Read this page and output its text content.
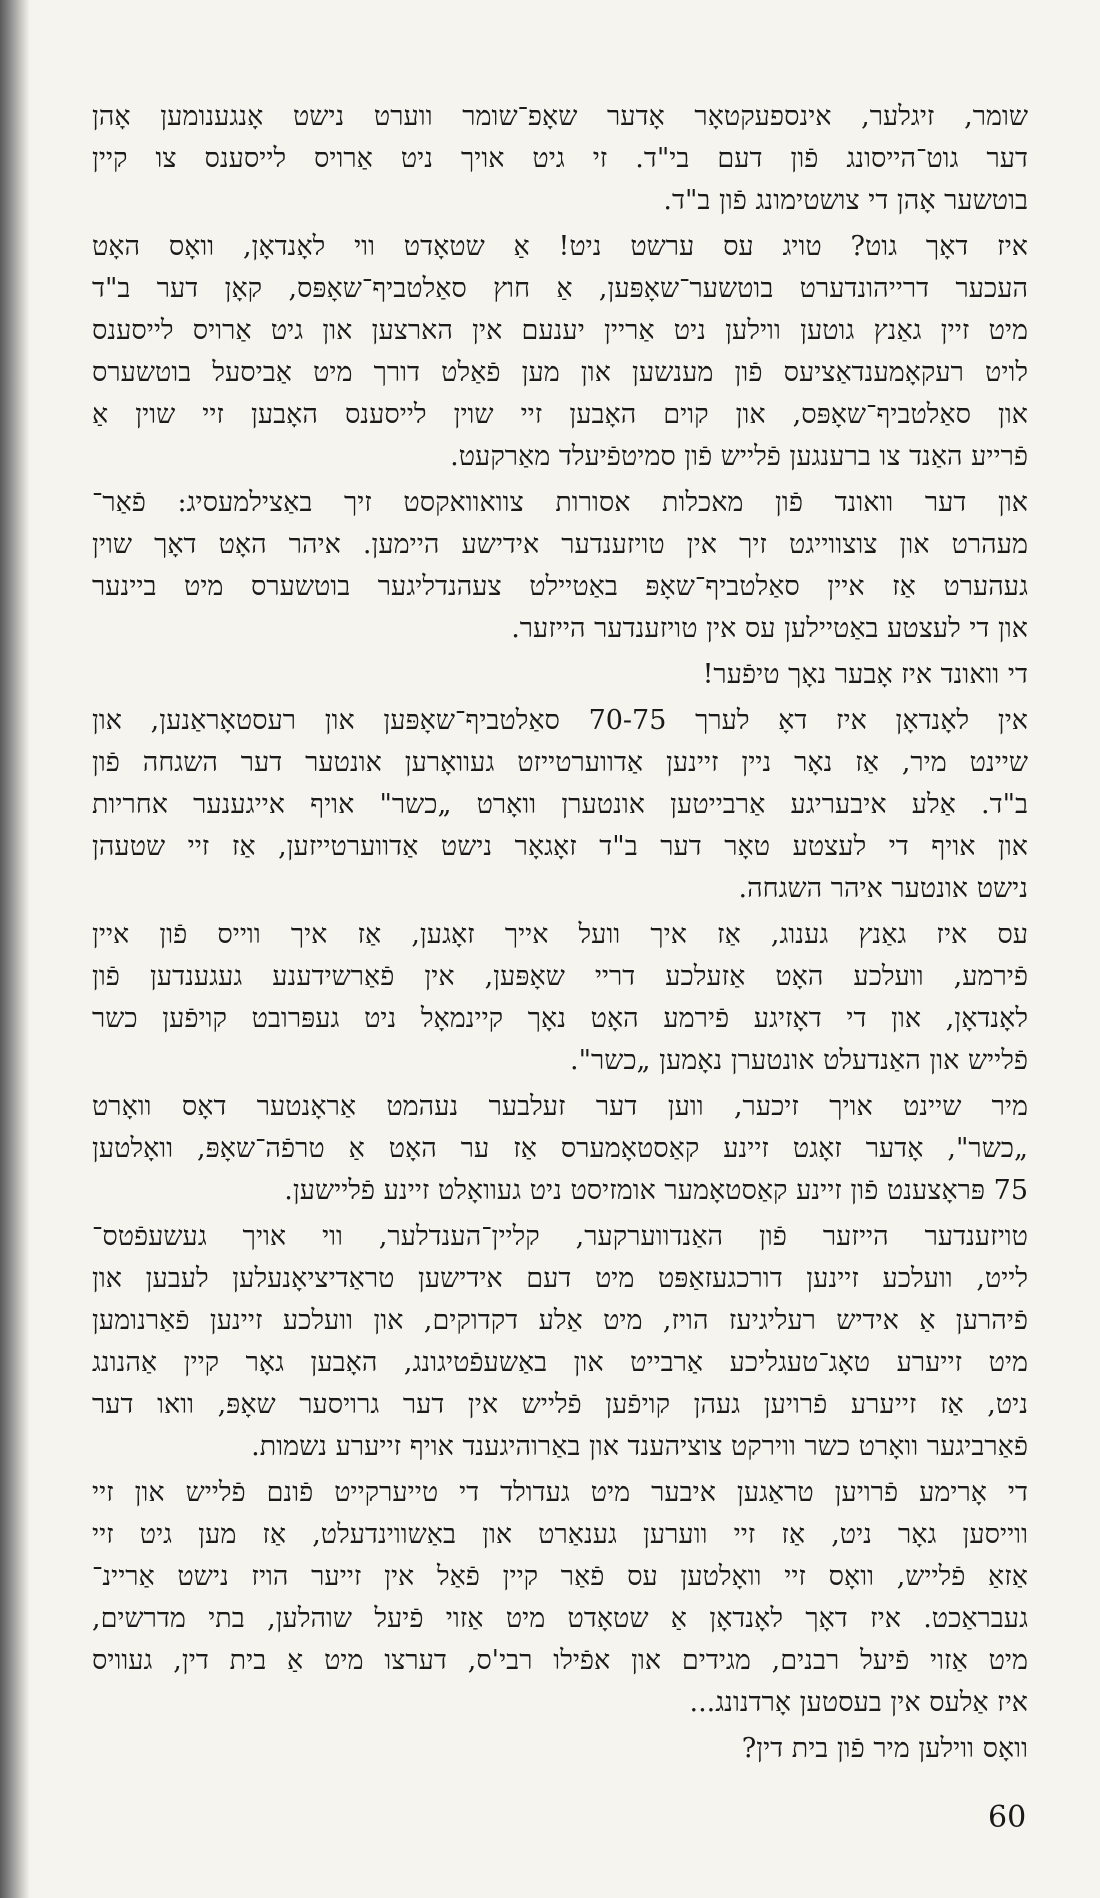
שומר, זיגלער, אינספעקטאָר אָדער שאָפ־שומר ווערט נישט אָנגענומען אָהן
דער גוט־הייסונג פֿון דעם בי"ד. זי גיט אויך ניט אַרויס לייסענס צו קיין
בוטשער אָהן די צושטימונג פֿון ב"ד.
איז דאָך גוט? טויג עס ערשט ניט! אַ שטאָדט ווי לאָנדאָן, וואָס האָט
העכער דרייהונדערט בוטשער־שאָפּען, אַ חוץ סאַלטביף־שאָפּס, קאָן דער ב"ד
מיט זיין גאַנץ גוטען ווילען ניט אַריין יענעם אין הארצען און גיט אַרויס לייסענס
לויט רעקאָמענדאַציעס פֿון מענשען און מען פֿאַלט דורך מיט אַביסעל בוטשערס
און סאַלטביף־שאָפּס, און קוים האָבען זיי שוין לייסענס האָבען זיי שוין אַ
פֿרייע האַנד צו ברענגען פֿלייש פֿון סמיטפֿיעלד מאַרקעט.
און דער וואונד פֿון מאכלות אסורות צוואוואקסט זיך באַצילמעסיג: פֿאַר־
מעהרט און צוצווייגט זיך אין טויזענדער אידישע היימען. איהר האָט דאָך שוין
געהערט אַז איין סאַלטביף־שאָפּ באַטיילט צעהנדליגער בוטשערס מיט ביינער
און די לעצטע באַטיילען עס אין טויזענדער הייזער.
די וואונד איז אָבער נאָך טיפֿער!
אין לאָנדאָן איז דאָ לערך 70-75 סאַלטביף־שאָפּען און רעסטאָראַנען, און
שיינט מיר, אַז נאָר ניין זיינען אַדווערטייזט געוואָרען אונטער דער השגחה פֿון
ב"ד. אַלע איבעריגע אַרבייטען אונטערן וואָרט „כשר" אויף אייגענער אחריות
און אויף די לעצטע טאָר דער ב"ד זאָגאָר נישט אַדווערטייזען, אַז זיי שטעהן
נישט אונטער איהר השגחה.
עס איז גאַנץ גענוג, אַז איך וועל אייך זאָגען, אַז איך ווייס פֿון איין
פֿירמע, וועלכע האָט אַזעלכע דריי שאָפּען, אין פֿאַרשידענע געגענדען פֿון
לאָנדאָן, און די דאָזיגע פֿירמע האָט נאָך קיינמאָל ניט געפּרובט קויפֿען כשר
פֿלייש און האַנדעלט אונטערן נאָמען „כשר".
מיר שיינט אויך זיכער, ווען דער זעלבער נעהמט אַראָנטער דאָס וואָרט
„כשר", אָדער זאָגט זיינע קאַסטאָמערס אַז ער האָט אַ טרפֿה־שאָפּ, וואָלטען
75 פּראָצענט פֿון זיינע קאַסטאָמער אומזיסט ניט געוואָלט זיינע פֿליישען.
טויזענדער הייזער פֿון האַנדווערקער, קליין־הענדלער, ווי אויך געשעפֿטס־
לייט, וועלכע זיינען דורכגעזאַפּט מיט דעם אידישען טראַדיציאָנעלען לעבען און
פֿיהרען אַ אידיש רעליגיעז הויז, מיט אַלע דקדוקים, און וועלכע זיינען פֿאַרנומען
מיט זייערע טאָג־טעגליכע אַרבייט און באַשעפֿטיגונג, האָבען גאָר קיין אַהנונג
ניט, אַז זייערע פֿרויען געהן קויפֿען פֿלייש אין דער גרויסער שאָפּ, וואו דער
פֿאַרביגער וואָרט כשר ווירקט צוציהענד און באַרוהיגענד אויף זייערע נשמות.
די אָרימע פֿרויען טראַגען איבער מיט געדולד די טייערקייט פֿונם פֿלייש און זיי
ווייסען גאָר ניט, אַז זיי ווערען גענאַרט און באַשווינדעלט, אַז מען גיט זיי
אַזאַ פֿלייש, וואָס זיי וואָלטען עס פֿאַר קיין פֿאַל אין זייער הויז נישט אַריינ־
געבראַכט. איז דאָך לאָנדאָן אַ שטאָדט מיט אַזוי פֿיעל שוהלען, בתי מדרשים,
מיט אַזוי פֿיעל רבנים, מגידים און אפֿילו רבי'ס, דערצו מיט אַ בית דין, געוויס
איז אַלעס אין בעסטען אָרדנונג...
וואָס ווילען מיר פֿון בית דין?
60
